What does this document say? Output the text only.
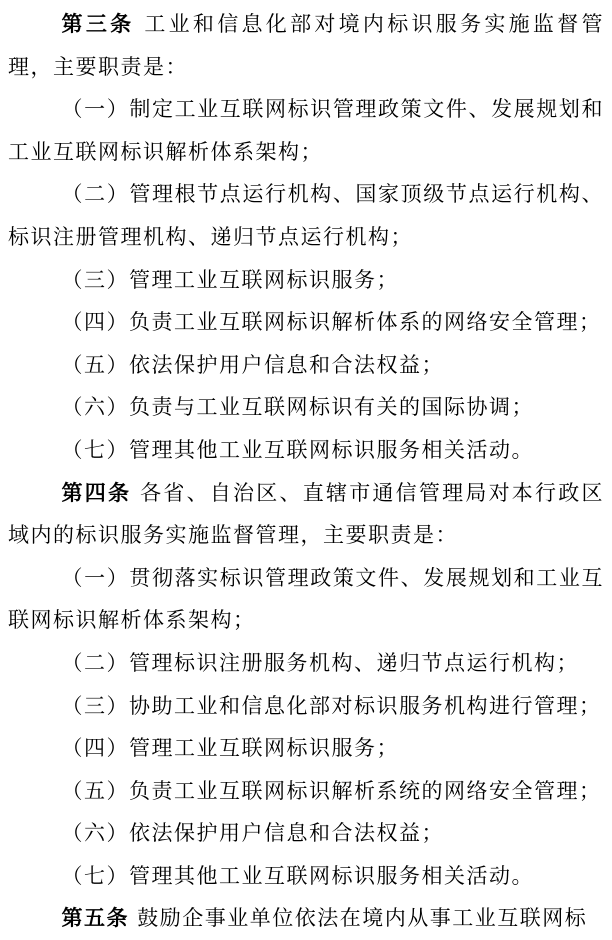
第三条 工业和信息化部对境内标识服务实施监督管理，主要职责是：

（一）制定工业互联网标识管理政策文件、发展规划和工业互联网标识解析体系架构；

（二）管理根节点运行机构、国家顶级节点运行机构、标识注册管理机构、递归节点运行机构；

（三）管理工业互联网标识服务；

（四）负责工业互联网标识解析体系的网络安全管理；

（五）依法保护用户信息和合法权益；

（六）负责与工业互联网标识有关的国际协调；

（七）管理其他工业互联网标识服务相关活动。

第四条 各省、自治区、直辖市通信管理局对本行政区域内的标识服务实施监督管理，主要职责是：

（一）贯彻落实标识管理政策文件、发展规划和工业互联网标识解析体系架构；

（二）管理标识注册服务机构、递归节点运行机构；

（三）协助工业和信息化部对标识服务机构进行管理；

（四）管理工业互联网标识服务；

（五）负责工业互联网标识解析系统的网络安全管理；

（六）依法保护用户信息和合法权益；

（七）管理其他工业互联网标识服务相关活动。

第五条 鼓励企事业单位依法在境内从事工业互联网标
